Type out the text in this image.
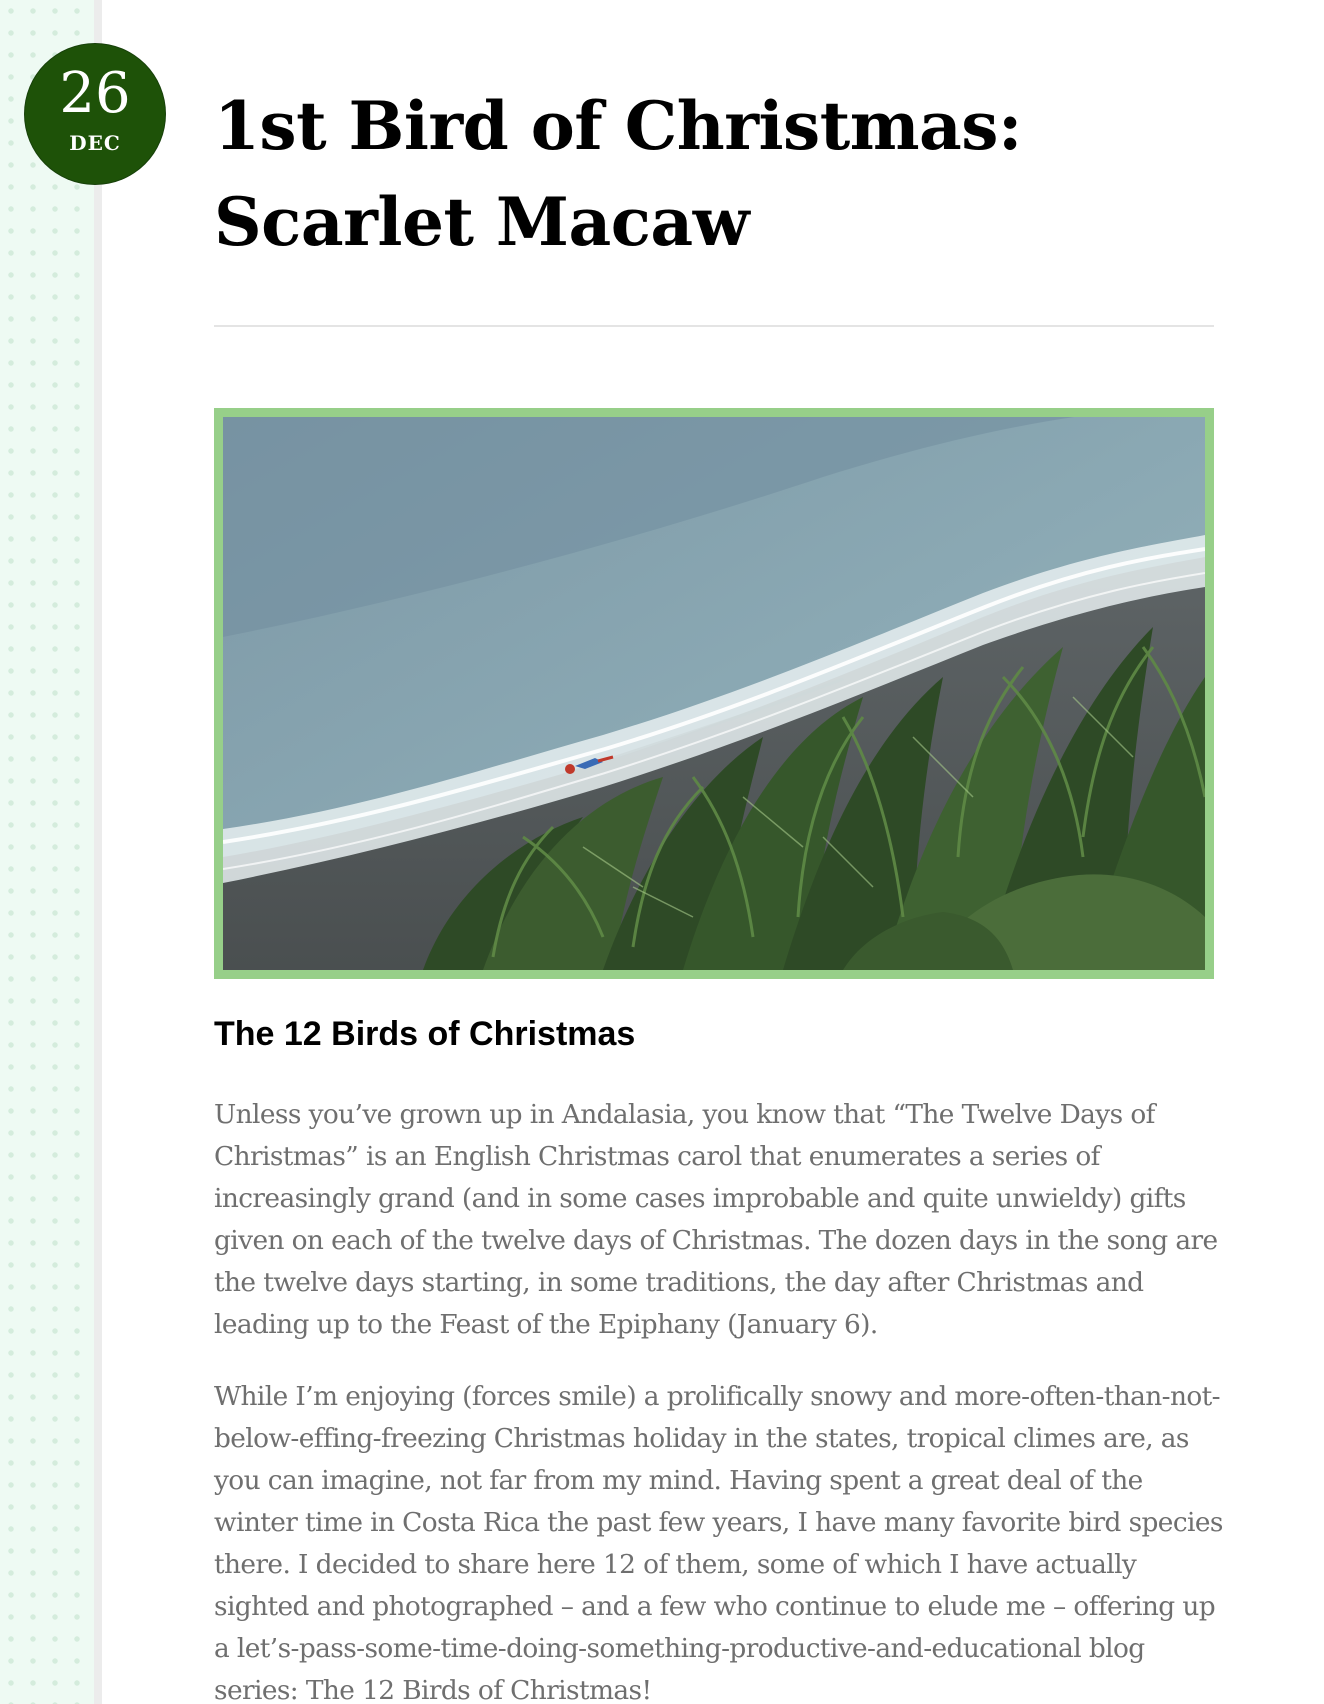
26
DEC	1st Bird of Christmas: Scarlet Macaw
The 12 Birds of Christmas

Unless you’ve grown up in Andalasia, you know that “The Twelve Days of Christmas” is an English Christmas carol that enumerates a series of increasingly grand (and in some cases improbable and quite unwieldy) gifts given on each of the twelve days of Christmas. The dozen days in the song are the twelve days starting, in some traditions, the day after Christmas and leading up to the Feast of the Epiphany (January 6).

While I’m enjoying (forces smile) a prolifically snowy and more-often-than-not-below-effing-freezing Christmas holiday in the states, tropical climes are, as you can imagine, not far from my mind. Having spent a great deal of the winter time in Costa Rica the past few years, I have many favorite bird species there. I decided to share here 12 of them, some of which I have actually sighted and photographed – and a few who continue to elude me – offering up a let’s-pass-some-time-doing-something-productive-and-educational blog series: The 12 Birds of Christmas!
